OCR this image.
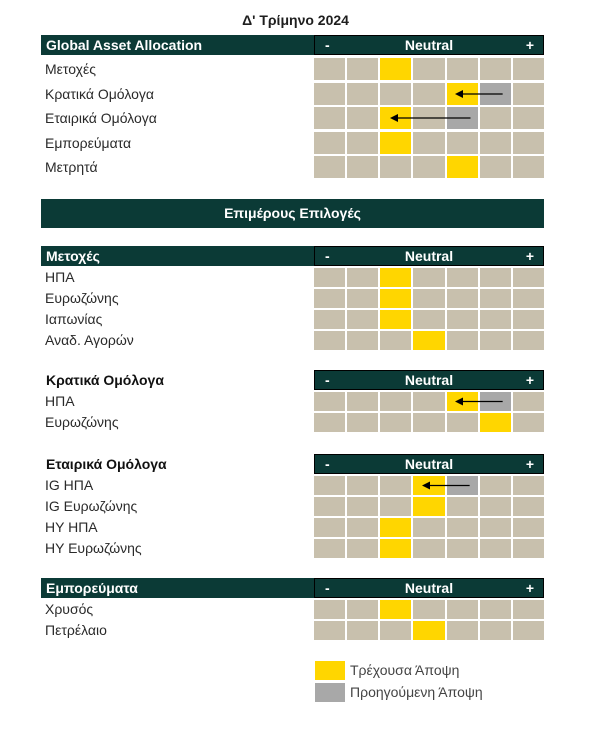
Δ' Τρίμηνο 2024
Global Asset Allocation	-	Neutral	+
Μετοχές
Κρατικά Ομόλογα
Εταιρικά Ομόλογα
Εμπορεύματα
Μετρητά
Επιμέρους Επιλογές
Μετοχές	-	Neutral	+
ΗΠΑ
Ευρωζώνης
Ιαπωνίας
Αναδ. Αγορών
Κρατικά Ομόλογα	-	Neutral	+
ΗΠΑ
Ευρωζώνης
Εταιρικά Ομόλογα	-	Neutral	+
IG ΗΠΑ
IG Ευρωζώνης
HY ΗΠΑ
HY Ευρωζώνης
Εμπορεύματα	-	Neutral	+
Χρυσός
Πετρέλαιο
Τρέχουσα Άποψη
Προηγούμενη Άποψη
